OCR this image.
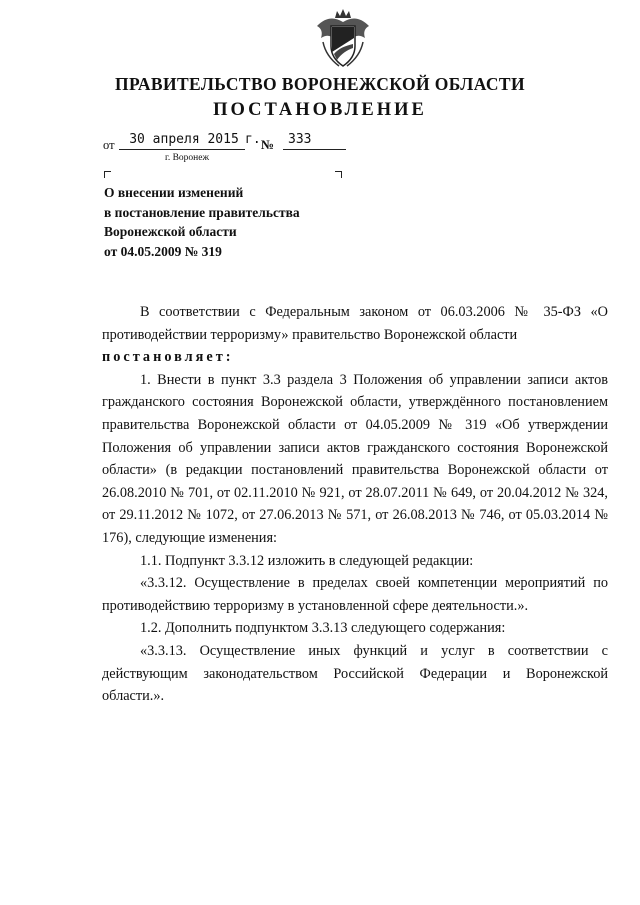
ПРАВИТЕЛЬСТВО ВОРОНЕЖСКОЙ ОБЛАСТИ
ПОСТАНОВЛЕНИЕ
от	30 апреля 2015 г. № 333
г. Воронеж
О внесении изменений
в постановление правительства
Воронежской области
от 04.05.2009 № 319

В соответствии с Федеральным законом от 06.03.2006 № 35-ФЗ «О противодействии терроризму» правительство Воронежской области

постановляет:

1. Внести в пункт 3.3 раздела 3 Положения об управлении записи актов гражданского состояния Воронежской области, утверждённого постановлением правительства Воронежской области от 04.05.2009 № 319 «Об утверждении Положения об управлении записи актов гражданского состояния Воронежской области» (в редакции постановлений правительства Воронежской области от 26.08.2010 № 701, от 02.11.2010 № 921, от 28.07.2011 № 649, от 20.04.2012 № 324, от 29.11.2012 № 1072, от 27.06.2013 № 571, от 26.08.2013 № 746, от 05.03.2014 № 176), следующие изменения:

1.1. Подпункт 3.3.12 изложить в следующей редакции:

«3.3.12. Осуществление в пределах своей компетенции мероприятий по противодействию терроризму в установленной сфере деятельности.».

1.2. Дополнить подпунктом 3.3.13 следующего содержания:

«3.3.13. Осуществление иных функций и услуг в соответствии с действующим законодательством Российской Федерации и Воронежской области.».
